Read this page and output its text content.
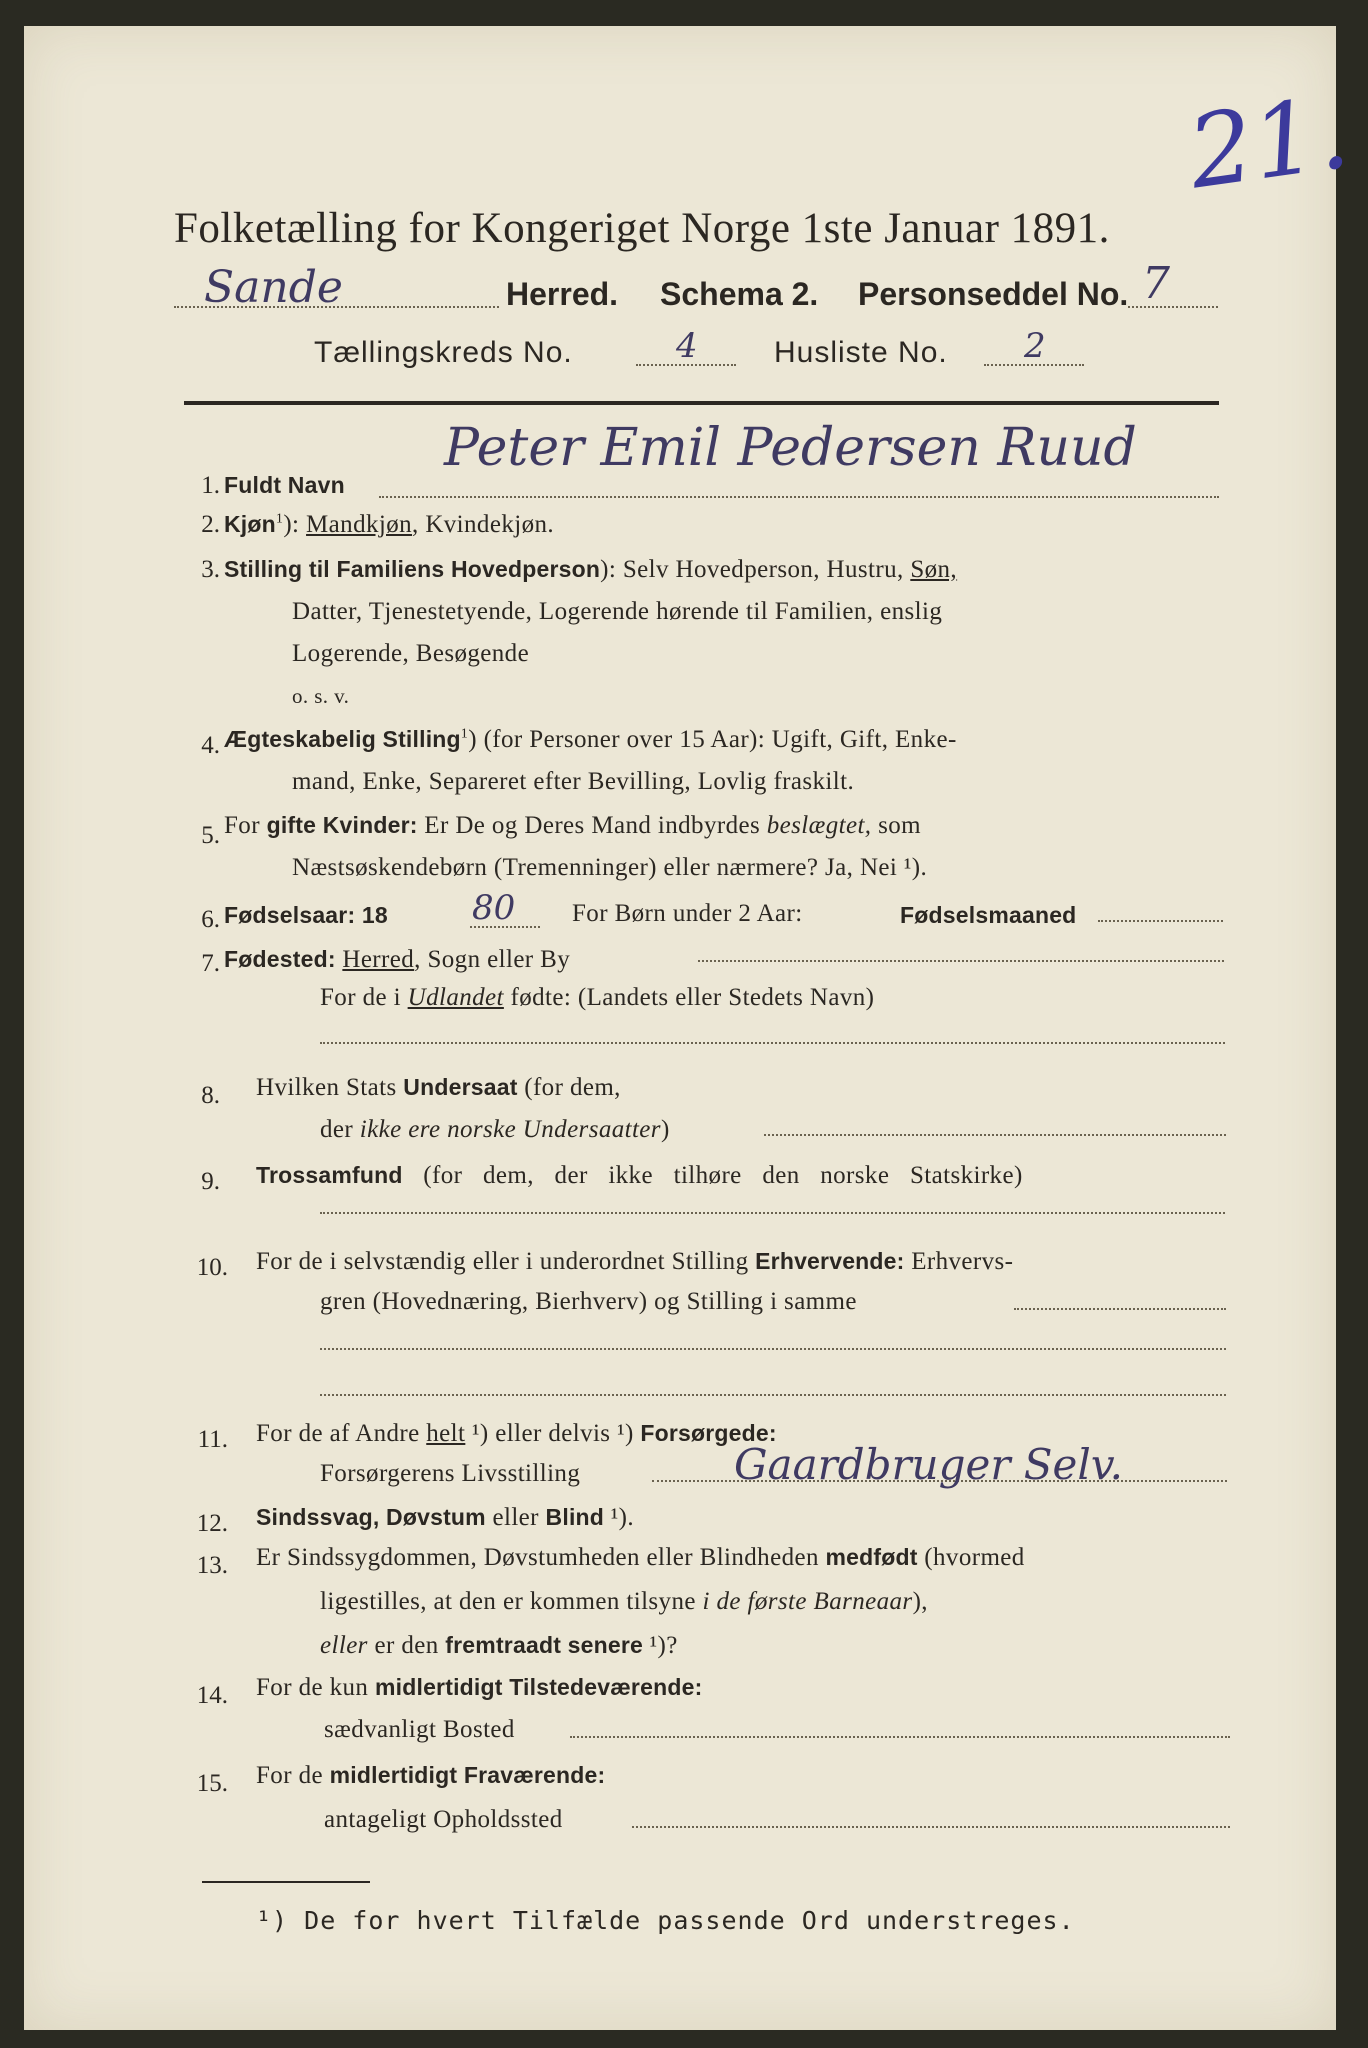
21.
Folketælling for Kongeriget Norge 1ste Januar 1891.
Sande	Herred. Schema 2. Personseddel No. 7
Tællingskreds No.	4	Husliste No. 2
1. Fuldt Navn
Peter Emil Pedersen Ruud
2. Kjøn$^1$): Mandkjøn, Kvindekjøn.
3. Stilling til Familiens Hovedperson): Selv Hovedperson, Hustru, Søn,
Datter, Tjenestetyende, Logerende hørende til Familien, enslig
Logerende, Besøgende
o. s. v.
4. Ægteskabelig Stilling$^1$) (for Personer over 15 Aar): Ugift, Gift, Enke-
mand, Enke, Separeret efter Bevilling, Lovlig fraskilt.
5. For gifte Kvinder: Er De og Deres Mand indbyrdes beslægtet, som
Næstsøskendebørn (Tremenninger) eller nærmere? Ja, Nei ¹).
6. Fødselsaar: 18 80 For Børn under 2 Aar:	Fødselsmaaned
7. Fødested: Herred, Sogn eller By
For de i Udlandet fødte: (Landets eller Stedets Navn)
8. Hvilken Stats Undersaat (for dem,
der ikke ere norske Undersaatter)
9. Trossamfund (for dem, der ikke tilhøre den norske Statskirke)
10. For de i selvstændig eller i underordnet Stilling Erhvervende: Erhvervs-
gren (Hovednæring, Bierhverv) og Stilling i samme
11. For de af Andre helt ¹) eller delvis ¹) Forsørgede:
Forsørgerens Livsstilling	Gaardbruger Selv.
12. Sindssvag, Døvstum eller Blind ¹).
13. Er Sindssygdommen, Døvstumheden eller Blindheden medfødt (hvormed
ligestilles, at den er kommen tilsyne i de første Barneaar),
eller er den fremtraadt senere ¹)?
14. For de kun midlertidigt Tilstedeværende:
sædvanligt Bosted
15. For de midlertidigt Fraværende:
antageligt Opholdssted
¹) De for hvert Tilfælde passende Ord understreges.
